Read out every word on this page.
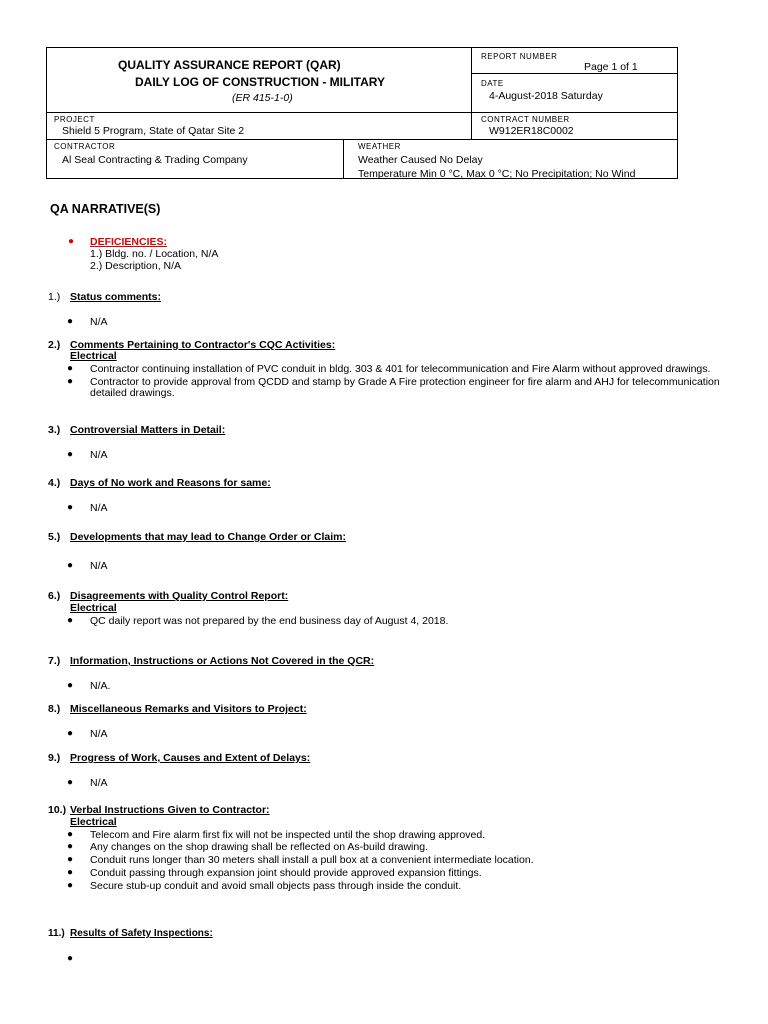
QUALITY ASSURANCE REPORT (QAR)
DAILY LOG OF CONSTRUCTION - MILITARY
(ER 415-1-0)
REPORT NUMBER
Page 1 of 1
DATE
4-August-2018 Saturday
PROJECT
Shield 5 Program, State of Qatar Site 2
CONTRACT NUMBER
W912ER18C0002
CONTRACTOR
Al Seal Contracting & Trading Company
WEATHER
Weather Caused No Delay
Temperature Min 0 °C, Max 0 °C; No Precipitation; No Wind
QA NARRATIVE(S)
● DEFICIENCIES:
1.) Bldg. no. / Location, N/A
2.) Description, N/A
1.) Status comments:
● N/A
2.) Comments Pertaining to Contractor's CQC Activities:
Electrical
● Contractor continuing installation of PVC conduit in bldg. 303 & 401 for telecommunication and Fire Alarm without approved drawings.
● Contractor to provide approval from QCDD and stamp by Grade A Fire protection engineer for fire alarm and AHJ for telecommunication
detailed drawings.
3.) Controversial Matters in Detail:
● N/A
4.) Days of No work and Reasons for same:
● N/A
5.) Developments that may lead to Change Order or Claim:
● N/A
6.) Disagreements with Quality Control Report:
Electrical
● QC daily report was not prepared by the end business day of August 4, 2018.
7.) Information, Instructions or Actions Not Covered in the QCR:
● N/A.
8.) Miscellaneous Remarks and Visitors to Project:
● N/A
9.) Progress of Work, Causes and Extent of Delays:
● N/A
10.) Verbal Instructions Given to Contractor:
Electrical
● Telecom and Fire alarm first fix will not be inspected until the shop drawing approved.
● Any changes on the shop drawing shall be reflected on As-build drawing.
● Conduit runs longer than 30 meters shall install a pull box at a convenient intermediate location.
● Conduit passing through expansion joint should provide approved expansion fittings.
● Secure stub-up conduit and avoid small objects pass through inside the conduit.
11.) Results of Safety Inspections:
●
